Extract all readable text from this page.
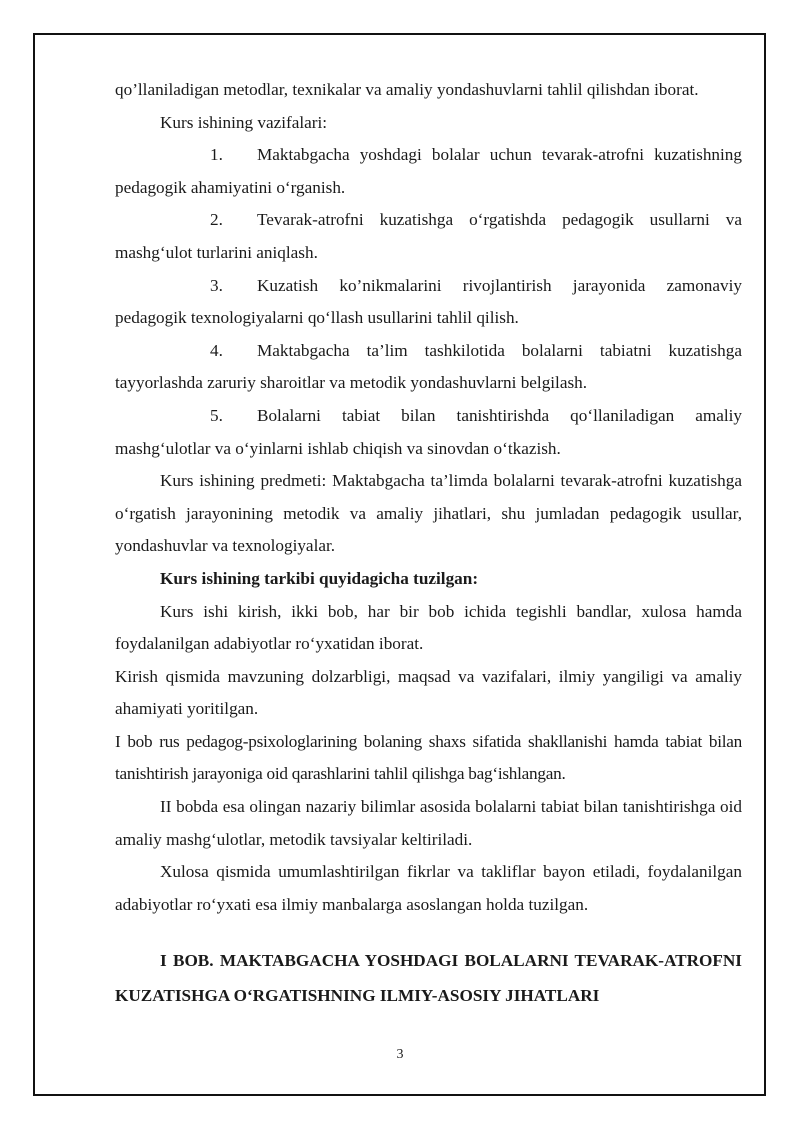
qo’llaniladigan metodlar, texnikalar va amaliy yondashuvlarni tahlil qilishdan iborat.

Kurs ishining vazifalari:

1. Maktabgacha yoshdagi bolalar uchun tevarak-atrofni kuzatishning pedagogik ahamiyatini o‘rganish.

2. Tevarak-atrofni kuzatishga o‘rgatishda pedagogik usullarni va mashg‘ulot turlarini aniqlash.

3. Kuzatish ko’nikmalarini rivojlantirish jarayonida zamonaviy pedagogik texnologiyalarni qo‘llash usullarini tahlil qilish.

4. Maktabgacha ta’lim tashkilotida bolalarni tabiatni kuzatishga tayyorlashda zaruriy sharoitlar va metodik yondashuvlarni belgilash.

5. Bolalarni tabiat bilan tanishtirishda qo‘llaniladigan amaliy mashg‘ulotlar va o‘yinlarni ishlab chiqish va sinovdan o‘tkazish.

Kurs ishining predmeti: Maktabgacha ta’limda bolalarni tevarak-atrofni kuzatishga o‘rgatish jarayonining metodik va amaliy jihatlari, shu jumladan pedagogik usullar, yondashuvlar va texnologiyalar.

Kurs ishining tarkibi quyidagicha tuzilgan:

Kurs ishi kirish, ikki bob, har bir bob ichida tegishli bandlar, xulosa hamda foydalanilgan adabiyotlar ro‘yxatidan iborat.

Kirish qismida mavzuning dolzarbligi, maqsad va vazifalari, ilmiy yangiligi va amaliy ahamiyati yoritilgan.

I bob rus pedagog-psixologlarining bolaning shaxs sifatida shakllanishi hamda tabiat bilan tanishtirish jarayoniga oid qarashlarini tahlil qilishga bag‘ishlangan.

II bobda esa olingan nazariy bilimlar asosida bolalarni tabiat bilan tanishtirishga oid amaliy mashg‘ulotlar, metodik tavsiyalar keltiriladi.

Xulosa qismida umumlashtirilgan fikrlar va takliflar bayon etiladi, foydalanilgan adabiyotlar ro‘yxati esa ilmiy manbalarga asoslangan holda tuzilgan.

I BOB. MAKTABGACHA YOSHDAGI BOLALARNI TEVARAK-ATROFNI KUZATISHGA O‘RGATISHNING ILMIY-ASOSIY JIHATLARI

3
